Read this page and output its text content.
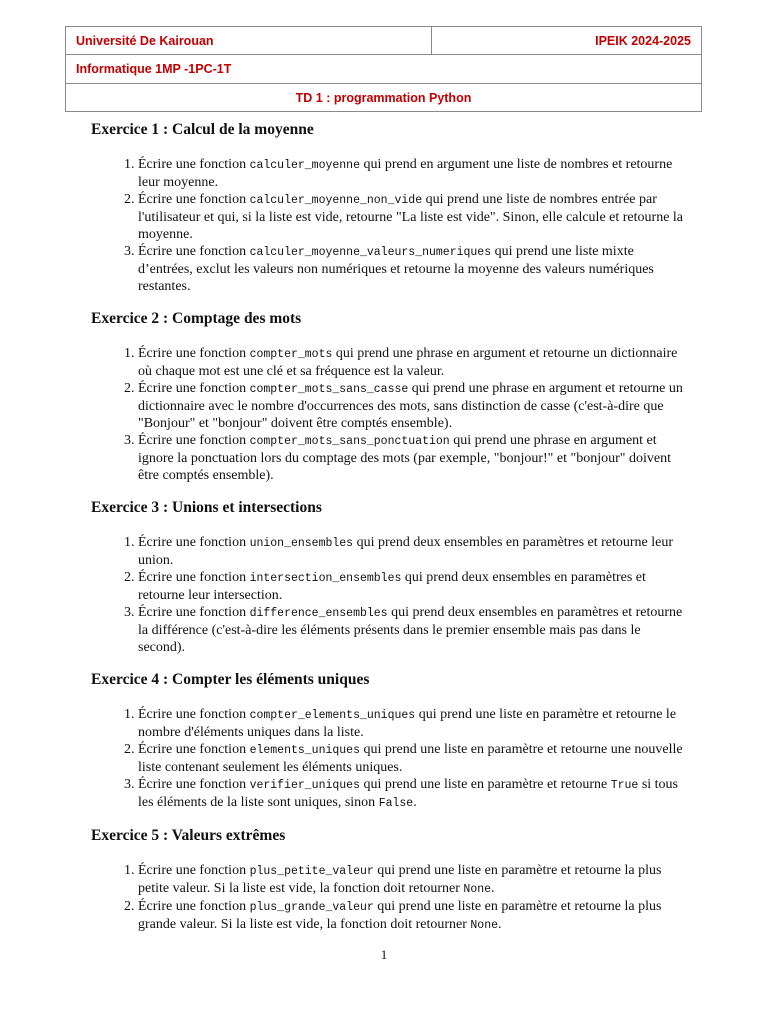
Université De Kairouan	IPEIK 2024-2025
Informatique 1MP -1PC-1T
TD 1 : programmation Python
Exercice 1 : Calcul de la moyenne
1. Écrire une fonction calculer_moyenne qui prend en argument une liste de nombres et retourne leur moyenne.
2. Écrire une fonction calculer_moyenne_non_vide qui prend une liste de nombres entrée par l'utilisateur et qui, si la liste est vide, retourne "La liste est vide". Sinon, elle calcule et retourne la moyenne.
3. Écrire une fonction calculer_moyenne_valeurs_numeriques qui prend une liste mixte d’entrées, exclut les valeurs non numériques et retourne la moyenne des valeurs numériques restantes.
Exercice 2 : Comptage des mots
1. Écrire une fonction compter_mots qui prend une phrase en argument et retourne un dictionnaire où chaque mot est une clé et sa fréquence est la valeur.
2. Écrire une fonction compter_mots_sans_casse qui prend une phrase en argument et retourne un dictionnaire avec le nombre d'occurrences des mots, sans distinction de casse (c'est-à-dire que "Bonjour" et "bonjour" doivent être comptés ensemble).
3. Écrire une fonction compter_mots_sans_ponctuation qui prend une phrase en argument et ignore la ponctuation lors du comptage des mots (par exemple, "bonjour!" et "bonjour" doivent être comptés ensemble).
Exercice 3 : Unions et intersections
1. Écrire une fonction union_ensembles qui prend deux ensembles en paramètres et retourne leur union.
2. Écrire une fonction intersection_ensembles qui prend deux ensembles en paramètres et retourne leur intersection.
3. Écrire une fonction difference_ensembles qui prend deux ensembles en paramètres et retourne la différence (c'est-à-dire les éléments présents dans le premier ensemble mais pas dans le second).
Exercice 4 : Compter les éléments uniques
1. Écrire une fonction compter_elements_uniques qui prend une liste en paramètre et retourne le nombre d'éléments uniques dans la liste.
2. Écrire une fonction elements_uniques qui prend une liste en paramètre et retourne une nouvelle liste contenant seulement les éléments uniques.
3. Écrire une fonction verifier_uniques qui prend une liste en paramètre et retourne True si tous les éléments de la liste sont uniques, sinon False.
Exercice 5 : Valeurs extrêmes
1. Écrire une fonction plus_petite_valeur qui prend une liste en paramètre et retourne la plus petite valeur. Si la liste est vide, la fonction doit retourner None.
2. Écrire une fonction plus_grande_valeur qui prend une liste en paramètre et retourne la plus grande valeur. Si la liste est vide, la fonction doit retourner None.
1
